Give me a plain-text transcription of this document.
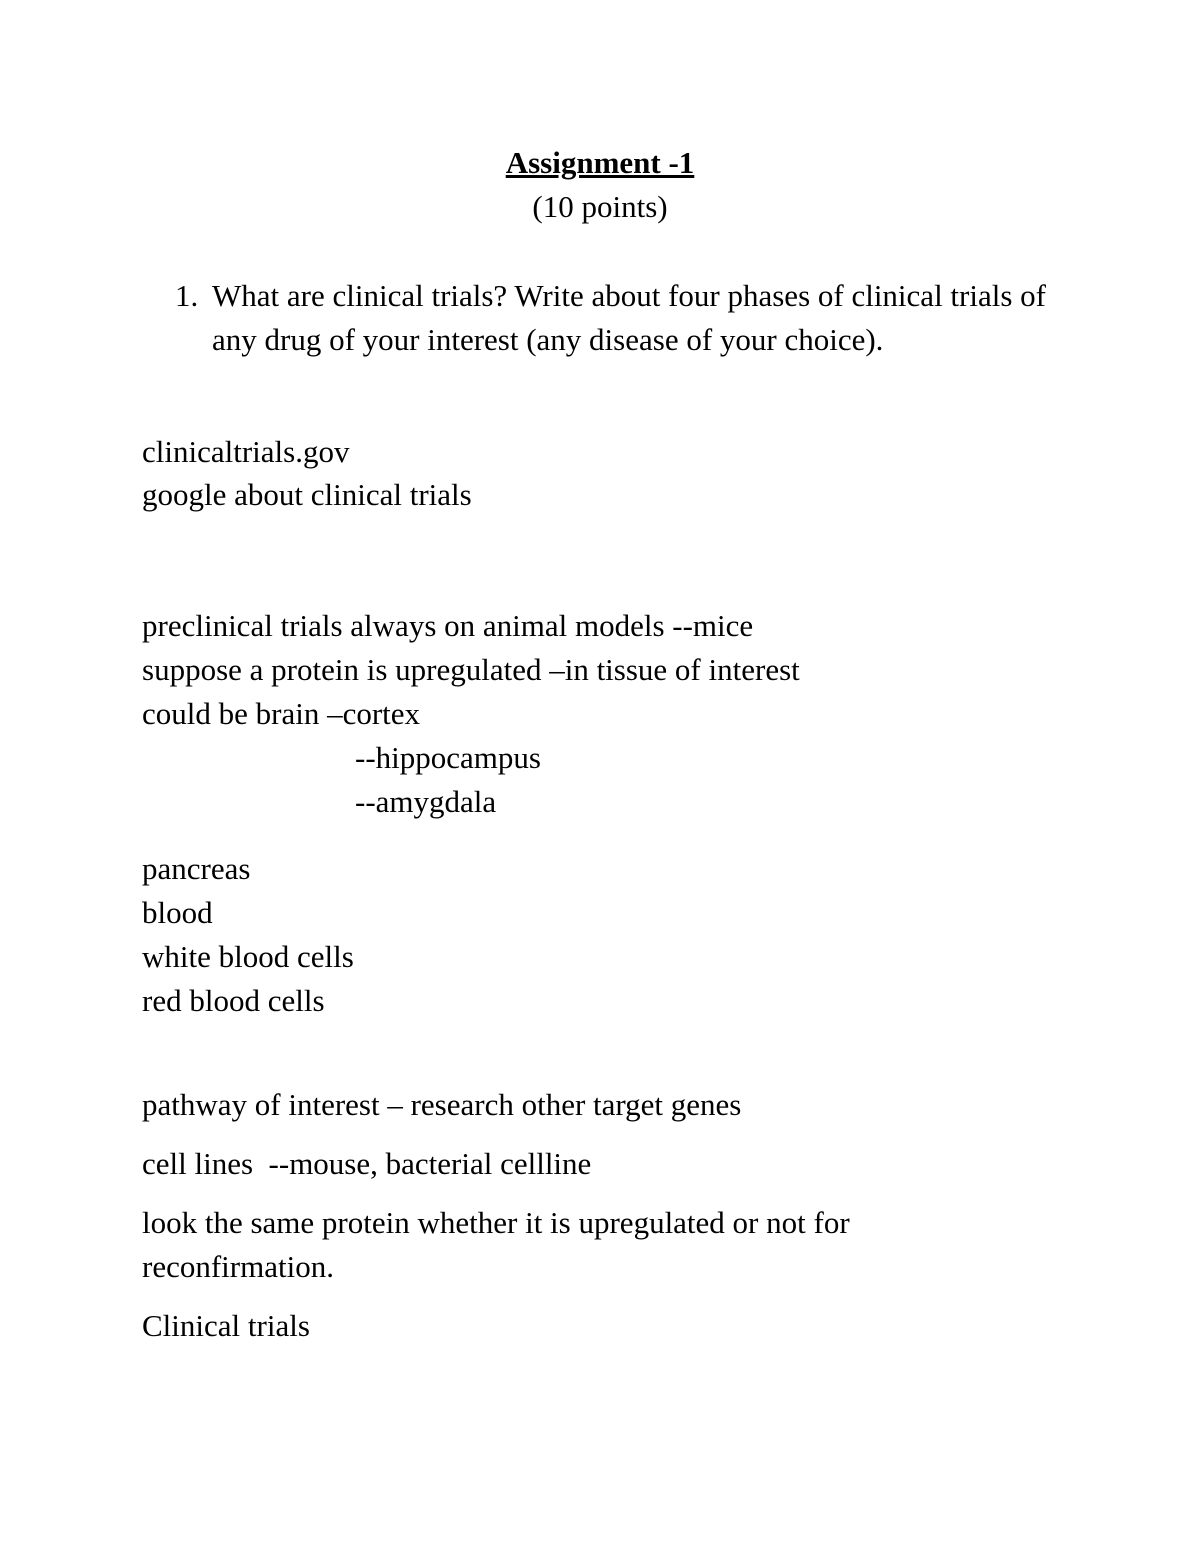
Assignment -1
(10 points)
1. What are clinical trials? Write about four phases of clinical trials of any drug of your interest (any disease of your choice).

clinicaltrials.gov
google about clinical trials
preclinical trials always on animal models --mice
suppose a protein is upregulated –in tissue of interest
could be brain –cortex
--hippocampus
--amygdala
pancreas
blood
white blood cells
red blood cells
pathway of interest – research other target genes
cell lines  --mouse, bacterial cellline
look the same protein whether it is upregulated or not for
reconfirmation.
Clinical trials
